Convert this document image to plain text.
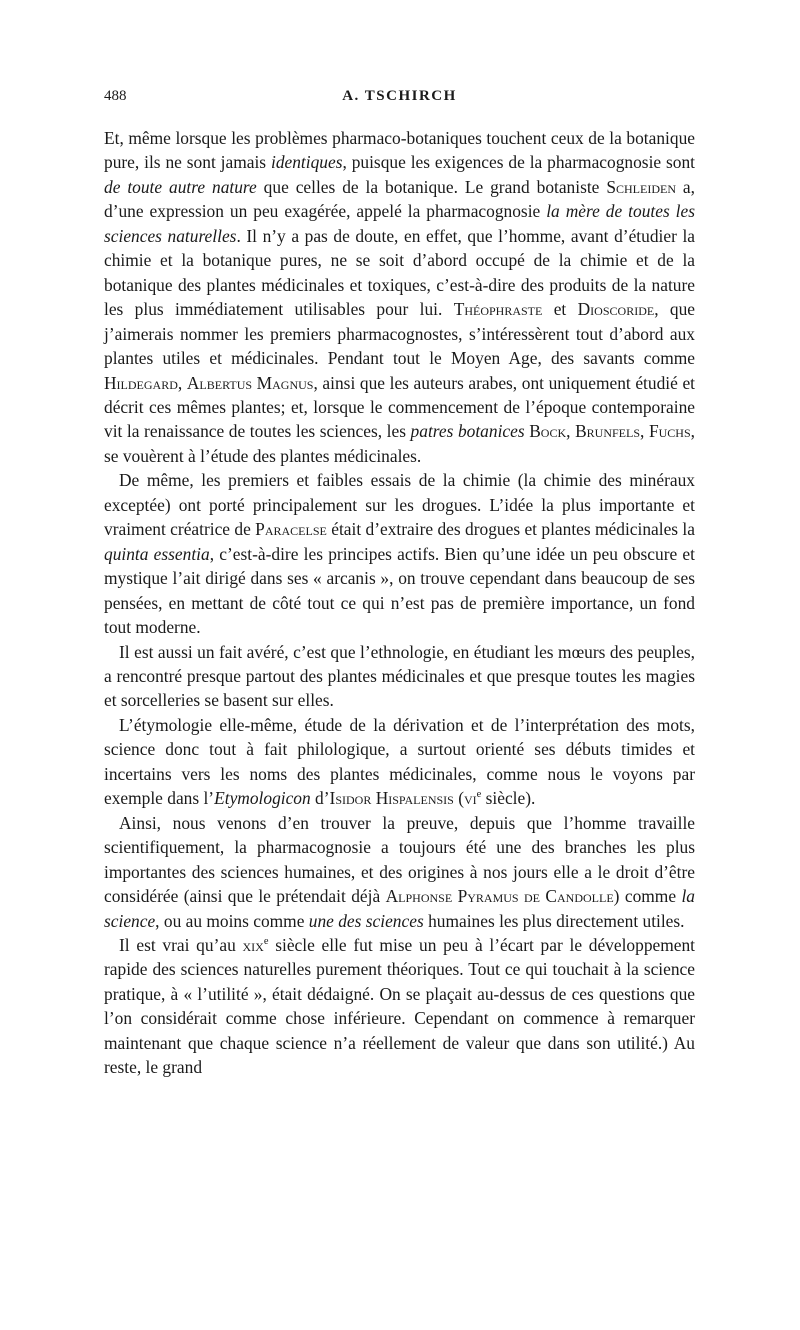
488	A. TSCHIRCH

Et, même lorsque les problèmes pharmaco-botaniques touchent ceux de la botanique pure, ils ne sont jamais identiques, puisque les exigences de la pharmacognosie sont de toute autre nature que celles de la botanique. Le grand botaniste Schleiden a, d’une expression un peu exagérée, appelé la pharmacognosie la mère de toutes les sciences naturelles. Il n’y a pas de doute, en effet, que l’homme, avant d’étudier la chimie et la botanique pures, ne se soit d’abord occupé de la chimie et de la botanique des plantes médicinales et toxiques, c’est-à-dire des produits de la nature les plus immédiatement utilisables pour lui. Théophraste et Dioscoride, que j’aimerais nommer les premiers pharmacognostes, s’intéressèrent tout d’abord aux plantes utiles et médicinales. Pendant tout le Moyen Age, des savants comme Hildegard, Albertus Magnus, ainsi que les auteurs arabes, ont uniquement étudié et décrit ces mêmes plantes; et, lorsque le commencement de l’époque contemporaine vit la renaissance de toutes les sciences, les patres botanices Bock, Brunfels, Fuchs, se vouèrent à l’étude des plantes médicinales.

De même, les premiers et faibles essais de la chimie (la chimie des minéraux exceptée) ont porté principalement sur les drogues. L’idée la plus importante et vraiment créatrice de Paracelse était d’extraire des drogues et plantes médicinales la quinta essentia, c’est-à-dire les principes actifs. Bien qu’une idée un peu obscure et mystique l’ait dirigé dans ses « arcanis », on trouve cependant dans beaucoup de ses pensées, en mettant de côté tout ce qui n’est pas de première importance, un fond tout moderne.

Il est aussi un fait avéré, c’est que l’ethnologie, en étudiant les mœurs des peuples, a rencontré presque partout des plantes médicinales et que presque toutes les magies et sorcelleries se basent sur elles.

L’étymologie elle-même, étude de la dérivation et de l’interprétation des mots, science donc tout à fait philologique, a surtout orienté ses débuts timides et incertains vers les noms des plantes médicinales, comme nous le voyons par exemple dans l’Etymologicon d’Isidor Hispalensis ($vi^e$ siècle).

Ainsi, nous venons d’en trouver la preuve, depuis que l’homme travaille scientifiquement, la pharmacognosie a toujours été une des branches les plus importantes des sciences humaines, et des origines à nos jours elle a le droit d’être considérée (ainsi que le prétendait déjà Alphonse Pyramus de Candolle) comme la science, ou au moins comme une des sciences humaines les plus directement utiles.

Il est vrai qu’au xix$^e$ siècle elle fut mise un peu à l’écart par le développement rapide des sciences naturelles purement théoriques. Tout ce qui touchait à la science pratique, à « l’utilité », était dédaigné. On se plaçait au-dessus de ces questions que l’on considérait comme chose inférieure. Cependant on commence à remarquer maintenant que chaque science n’a réellement de valeur que dans son utilité.) Au reste, le grand
